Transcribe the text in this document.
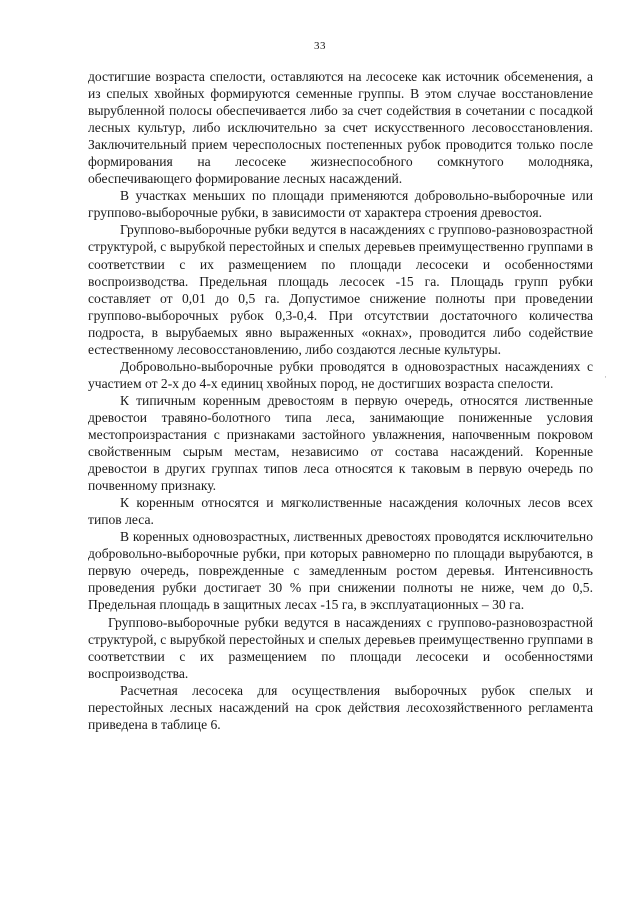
33

достигшие возраста спелости, оставляются на лесосеке как источник обсеменения, а из спелых хвойных формируются семенные группы. В этом случае восстановление вырубленной полосы обеспечивается либо за счет содействия в сочетании с посадкой лесных культур, либо исключительно за счет искусственного лесовосстановления. Заключительный прием чересполосных постепенных рубок проводится только после формирования на лесосеке жизнеспособного сомкнутого молодняка, обеспечивающего формирование лесных насаждений.

В участках меньших по площади применяются добровольно-выборочные или группово-выборочные рубки, в зависимости от характера строения древостоя.

Группово-выборочные рубки ведутся в насаждениях с группово-разновозрастной структурой, с вырубкой перестойных и спелых деревьев преимущественно группами в соответствии с их размещением по площади лесосеки и особенностями воспроизводства. Предельная площадь лесосек -15 га. Площадь групп рубки составляет от 0,01 до 0,5 га. Допустимое снижение полноты при проведении группово-выборочных рубок 0,3-0,4. При отсутствии достаточного количества подроста, в вырубаемых явно выраженных «окнах», проводится либо содействие естественному лесовосстановлению, либо создаются лесные культуры.

Добровольно-выборочные рубки проводятся в одновозрастных насаждениях с участием от 2-х до 4-х единиц хвойных пород, не достигших возраста спелости.

К типичным коренным древостоям в первую очередь, относятся лиственные древостои травяно-болотного типа леса, занимающие пониженные условия местопроизрастания с признаками застойного увлажнения, напочвенным покровом свойственным сырым местам, независимо от состава насаждений. Коренные древостои в других группах типов леса относятся к таковым в первую очередь по почвенному признаку.

К коренным относятся и мягколиственные насаждения колочных лесов всех типов леса.

В коренных одновозрастных, лиственных древостоях проводятся исключительно добровольно-выборочные рубки, при которых равномерно по площади вырубаются, в первую очередь, поврежденные с замедленным ростом деревья. Интенсивность проведения рубки достигает 30 % при снижении полноты не ниже, чем до 0,5. Предельная площадь в защитных лесах -15 га, в эксплуатационных – 30 га.

Группово-выборочные рубки ведутся в насаждениях с группово-разновозрастной структурой, с вырубкой перестойных и спелых деревьев преимущественно группами в соответствии с их размещением по площади лесосеки и особенностями воспроизводства.

Расчетная лесосека для осуществления выборочных рубок спелых и перестойных лесных насаждений на срок действия лесохозяйственного регламента приведена в таблице 6.

·
